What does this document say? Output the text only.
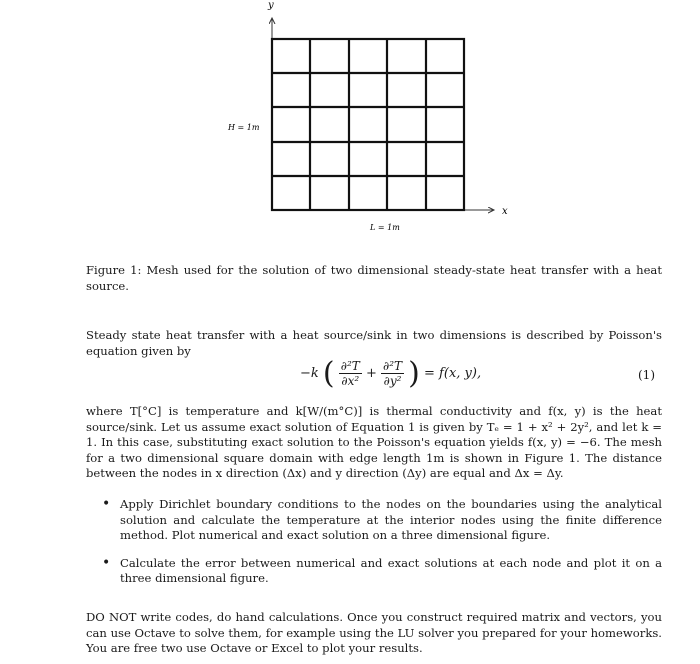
y
x
H = 1m
L = 1m
Figure 1: Mesh used for the solution of two dimensional steady-state heat transfer with a heat source.
Steady state heat transfer with a heat source/sink in two dimensions is described by Poisson's equation given by
−k ( $\frac{\text{∂²T}}{\text{∂x²}} + \frac{\text{∂²T}}{\text{∂y²}}$ ) = f(x, y),	(1)
where T[°C] is temperature and k[W/(m°C)] is thermal conductivity and f(x, y) is the heat source/sink. Let us assume exact solution of Equation 1 is given by Tₑ = 1 + x² + 2y², and let k = 1. In this case, substituting exact solution to the Poisson's equation yields f(x, y) = −6. The mesh for a two dimensional square domain with edge length 1m is shown in Figure 1. The distance between the nodes in x direction (Δx) and y direction (Δy) are equal and Δx = Δy.
• Apply Dirichlet boundary conditions to the nodes on the boundaries using the analytical solution and calculate the temperature at the interior nodes using the finite difference method. Plot numerical and exact solution on a three dimensional figure.
• Calculate the error between numerical and exact solutions at each node and plot it on a three dimensional figure.
DO NOT write codes, do hand calculations. Once you construct required matrix and vectors, you can use Octave to solve them, for example using the LU solver you prepared for your homeworks. You are free two use Octave or Excel to plot your results.
